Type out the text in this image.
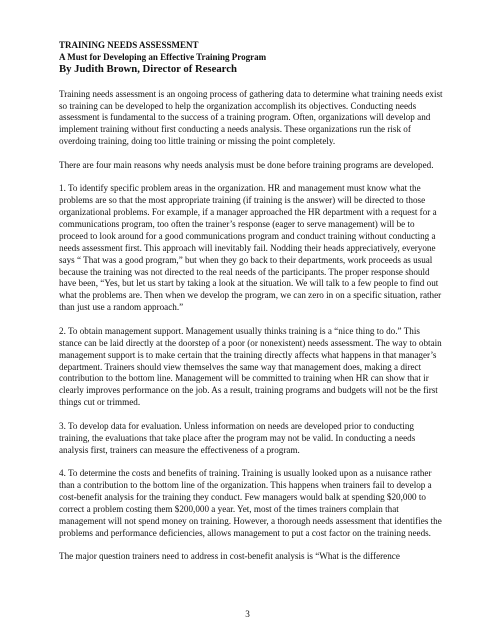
TRAINING NEEDS ASSESSMENT
A Must for Developing an Effective Training Program
By Judith Brown, Director of Research

Training needs assessment is an ongoing process of gathering data to determine what training needs exist so training can be developed to help the organization accomplish its objectives. Conducting needs assessment is fundamental to the success of a training program. Often, organizations will develop and implement training without first conducting a needs analysis. These organizations run the risk of overdoing training, doing too little training or missing the point completely.

There are four main reasons why needs analysis must be done before training programs are developed.

1. To identify specific problem areas in the organization. HR and management must know what the problems are so that the most appropriate training (if training is the answer) will be directed to those organizational problems. For example, if a manager approached the HR department with a request for a communications program, too often the trainer’s response (eager to serve management) will be to proceed to look around for a good communications program and conduct training without conducting a needs assessment first. This approach will inevitably fail. Nodding their heads appreciatively, everyone says “ That was a good program,” but when they go back to their departments, work proceeds as usual because the training was not directed to the real needs of the participants. The proper response should have been, “Yes, but let us start by taking a look at the situation. We will talk to a few people to find out what the problems are. Then when we develop the program, we can zero in on a specific situation, rather than just use a random approach.”

2. To obtain management support. Management usually thinks training is a “nice thing to do.” This stance can be laid directly at the doorstep of a poor (or nonexistent) needs assessment. The way to obtain management support is to make certain that the training directly affects what happens in that manager’s department. Trainers should view themselves the same way that management does, making a direct contribution to the bottom line. Management will be committed to training when HR can show that ir clearly improves performance on the job. As a result, training programs and budgets will not be the first things cut or trimmed.

3. To develop data for evaluation. Unless information on needs are developed prior to conducting training, the evaluations that take place after the program may not be valid. In conducting a needs analysis first, trainers can measure the effectiveness of a program.

4. To determine the costs and benefits of training. Training is usually looked upon as a nuisance rather than a contribution to the bottom line of the organization. This happens when trainers fail to develop a cost-benefit analysis for the training they conduct. Few managers would balk at spending $20,000 to correct a problem costing them $200,000 a year. Yet, most of the times trainers complain that management will not spend money on training. However, a thorough needs assessment that identifies the problems and performance deficiencies, allows management to put a cost factor on the training needs.

The major question trainers need to address in cost-benefit analysis is “What is the difference

3
